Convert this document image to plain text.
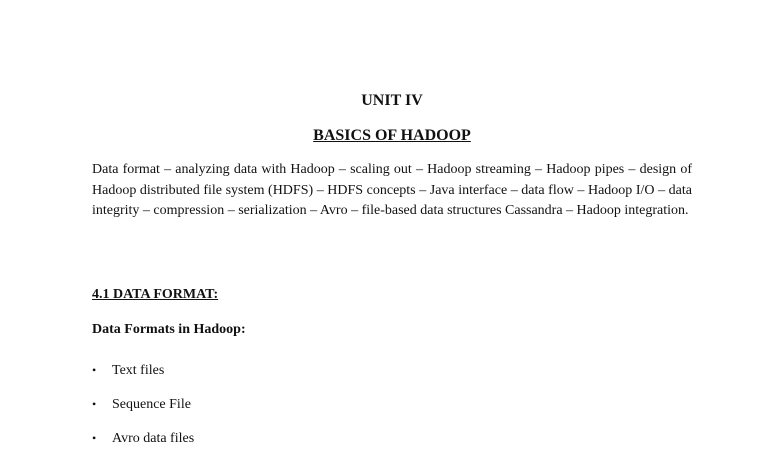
UNIT IV
BASICS OF HADOOP

Data format – analyzing data with Hadoop – scaling out – Hadoop streaming – Hadoop pipes – design of Hadoop distributed file system (HDFS) – HDFS concepts – Java interface – data flow – Hadoop I/O – data integrity – compression – serialization – Avro – file-based data structures Cassandra – Hadoop integration.

4.1 DATA FORMAT:
Data Formats in Hadoop:
• Text files
• Sequence File
• Avro data files
